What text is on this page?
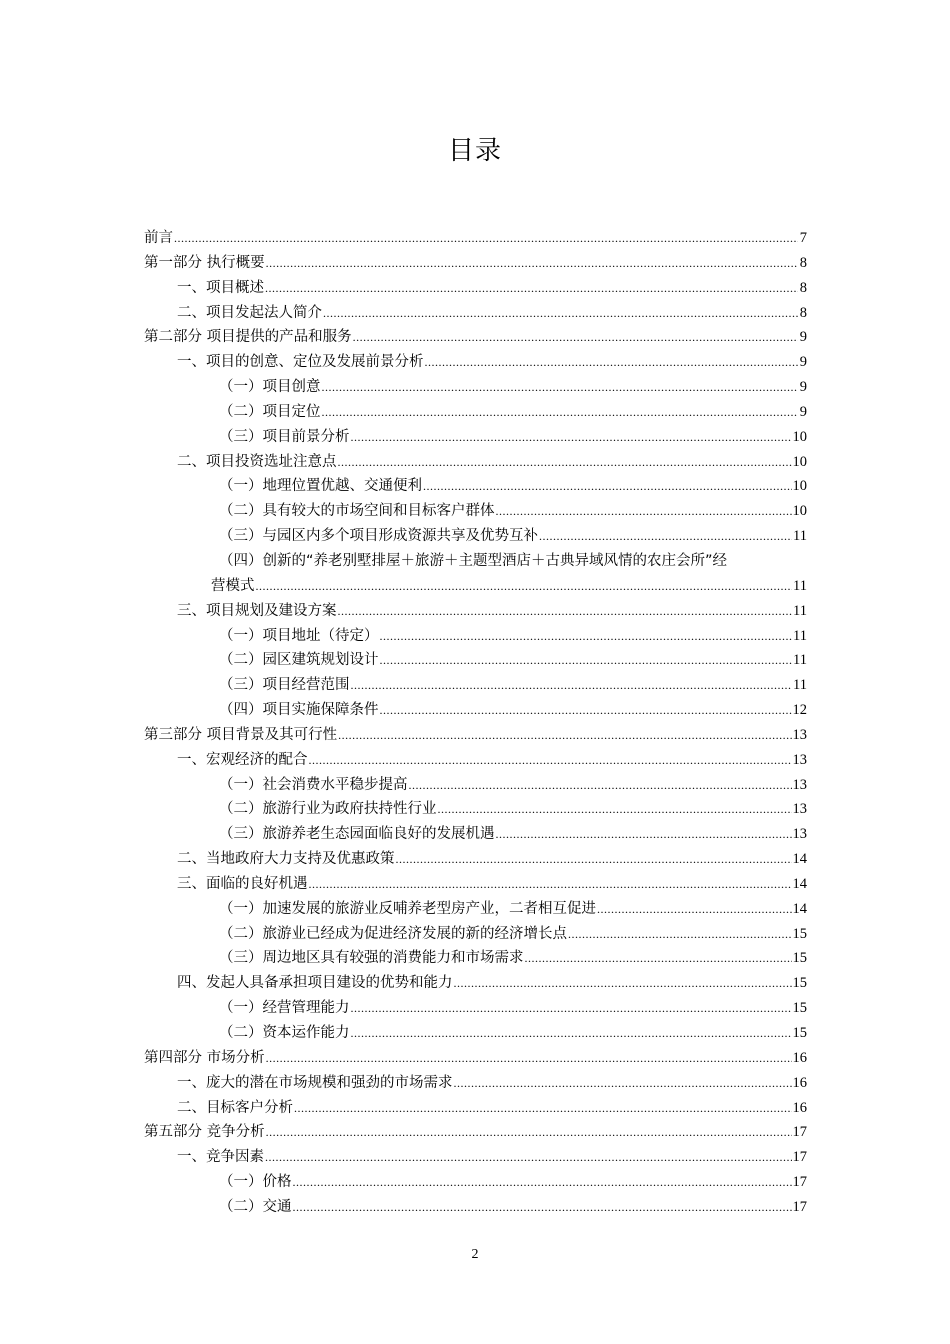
目录
前言 .....	7
第一部分 执行概要 .....	8
一、项目概述 .....	8
二、项目发起法人简介 .....	8
第二部分 项目提供的产品和服务 .....	9
一、项目的创意、定位及发展前景分析 .....	9
（一）项目创意 .....	9
（二）项目定位 .....	9
（三）项目前景分析 .....	10
二、项目投资选址注意点 .....	10
（一）地理位置优越、交通便利 .....	10
（二）具有较大的市场空间和目标客户群体 .....	10
（三）与园区内多个项目形成资源共享及优势互补 .....	11
（四）创新的“养老别墅排屋＋旅游＋主题型酒店＋古典异域风情的农庄会所”经
营模式 .....	11
三、项目规划及建设方案 .....	11
（一）项目地址（待定） .....	11
（二）园区建筑规划设计 .....	11
（三）项目经营范围 .....	11
（四）项目实施保障条件 .....	12
第三部分 项目背景及其可行性 .....	13
一、宏观经济的配合 .....	13
（一）社会消费水平稳步提高 .....	13
（二）旅游行业为政府扶持性行业 .....	13
（三）旅游养老生态园面临良好的发展机遇 .....	13
二、当地政府大力支持及优惠政策 .....	14
三、面临的良好机遇 .....	14
（一）加速发展的旅游业反哺养老型房产业，二者相互促进 .....	14
（二）旅游业已经成为促进经济发展的新的经济增长点 .....	15
（三）周边地区具有较强的消费能力和市场需求 .....	15
四、发起人具备承担项目建设的优势和能力 .....	15
（一）经营管理能力 .....	15
（二）资本运作能力 .....	15
第四部分 市场分析 .....	16
一、庞大的潜在市场规模和强劲的市场需求 .....	16
二、目标客户分析 .....	16
第五部分 竞争分析 .....	17
一、竞争因素 .....	17
（一）价格 .....	17
（二）交通 .....	17
2
